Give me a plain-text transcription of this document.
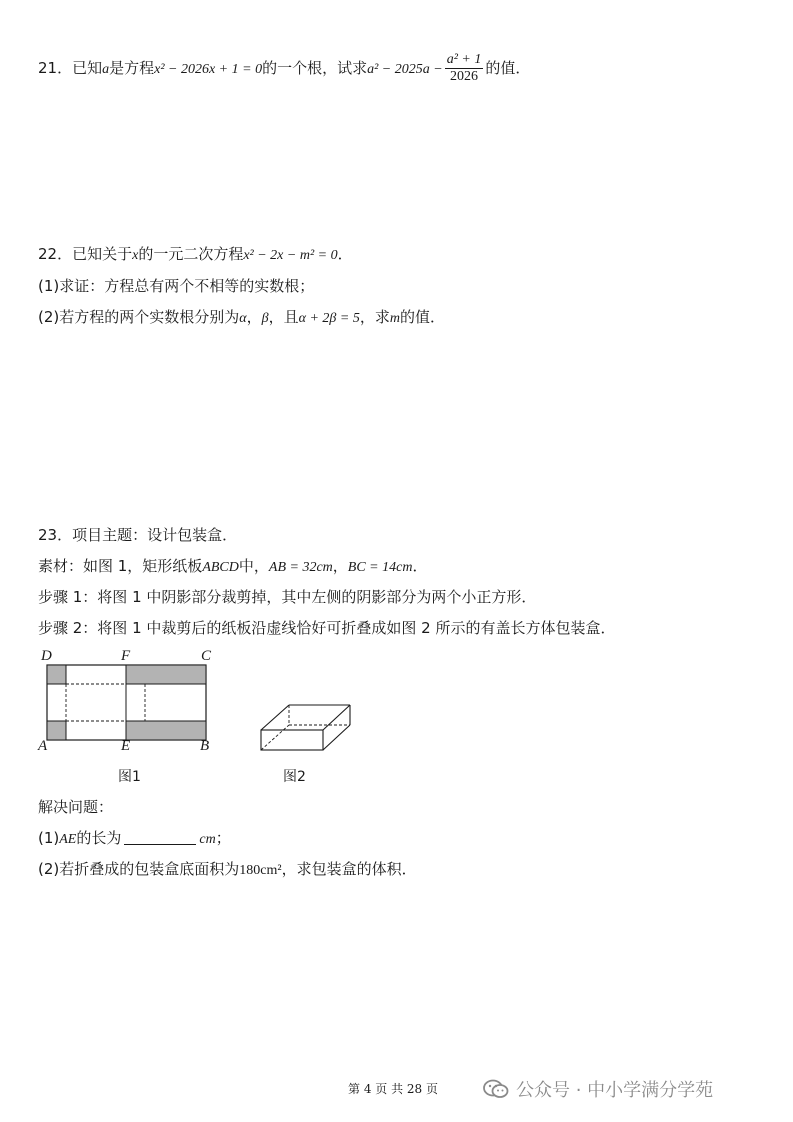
21．已知a是方程x² − 2026x + 1 = 0的一个根，试求$a^2 - 2025a - \frac{\text{a² + 1}}{2026}$ 的值．
22．已知关于x的一元二次方程x² − 2x − m² = 0．
(1)求证：方程总有两个不相等的实数根；
(2)若方程的两个实数根分别为α，β，且α + 2β = 5，求m的值．
23．项目主题：设计包装盒．
素材：如图 1，矩形纸板ABCD中，AB = 32cm，BC = 14cm．
步骤 1：将图 1 中阴影部分裁剪掉，其中左侧的阴影部分为两个小正方形．
步骤 2：将图 1 中裁剪后的纸板沿虚线恰好可折叠成如图 2 所示的有盖长方体包装盒．
D	F	C
A	E	B
图1	图2
解决问题：
(1)AE的长为	cm；
(2)若折叠成的包装盒底面积为180cm²，求包装盒的体积．
第 4 页 共 28 页	公众号 · 中小学满分学苑
